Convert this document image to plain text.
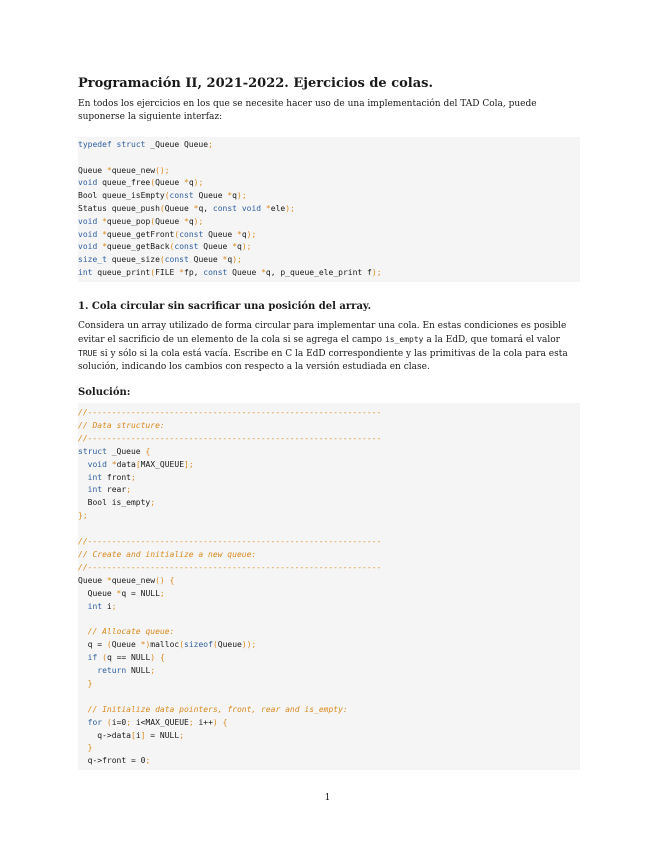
Programación II, 2021-2022. Ejercicios de colas.
En todos los ejercicios en los que se necesite hacer uso de una implementación del TAD Cola, puede suponerse la siguiente interfaz:
typedef struct _Queue Queue;
Queue *queue_new();
void queue_free(Queue *q);
Bool queue_isEmpty(const Queue *q);
Status queue_push(Queue *q, const void *ele);
void *queue_pop(Queue *q);
void *queue_getFront(const Queue *q);
void *queue_getBack(const Queue *q);
size_t queue_size(const Queue *q);
int queue_print(FILE *fp, const Queue *q, p_queue_ele_print f);
1. Cola circular sin sacrificar una posición del array.
Considera un array utilizado de forma circular para implementar una cola. En estas condiciones es posible evitar el sacrificio de un elemento de la cola si se agrega el campo is_empty a la EdD, que tomará el valor TRUE si y sólo si la cola está vacía. Escribe en C la EdD correspondiente y las primitivas de la cola para esta solución, indicando los cambios con respecto a la versión estudiada en clase.
Solución:
//-------------------------------------------------------------
// Data structure:
//-------------------------------------------------------------
struct _Queue {
void *data[MAX_QUEUE];
int front;
int rear;
Bool is_empty;
};
//-------------------------------------------------------------
// Create and initialize a new queue:
//-------------------------------------------------------------
Queue *queue_new() {
Queue *q = NULL;
int i;
// Allocate queue:
q = (Queue *)malloc(sizeof(Queue));
if (q == NULL) {
return NULL;
}
// Initialize data pointers, front, rear and is_empty:
for (i=0; i<MAX_QUEUE; i++) {
q->data[i] = NULL;
}
q->front = 0;
1
